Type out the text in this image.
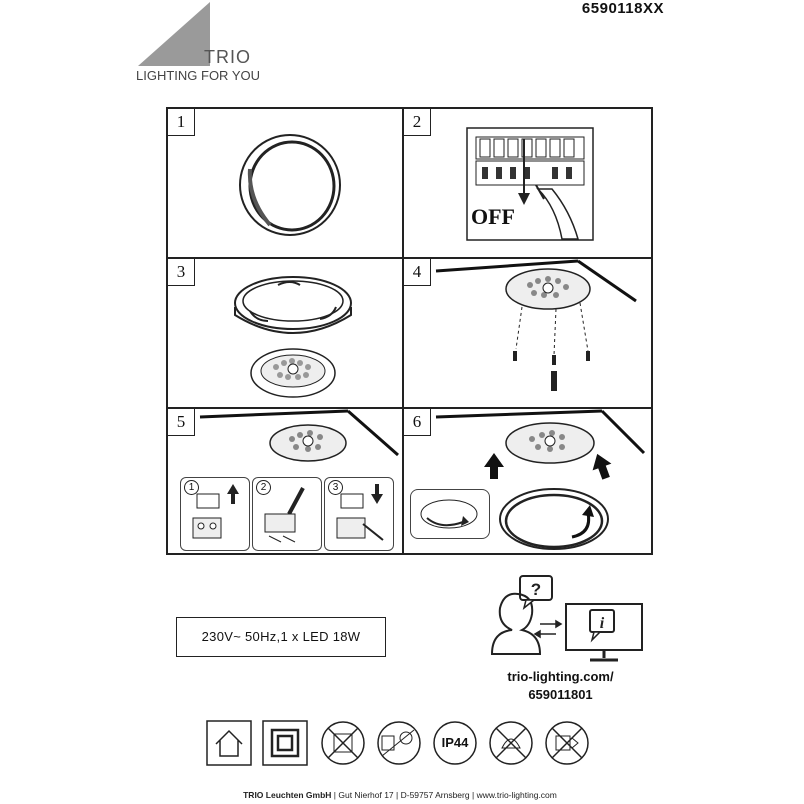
6590118XX
TRIO
LIGHTING FOR YOU
1	2
OFF
3	4
5
1	2	3
6
230V~ 50Hz,1 x LED 18W
?
i
trio-lighting.com/
659011801
IP44
TRIO Leuchten GmbH | Gut Nierhof 17 | D-59757 Arnsberg | www.trio-lighting.com
